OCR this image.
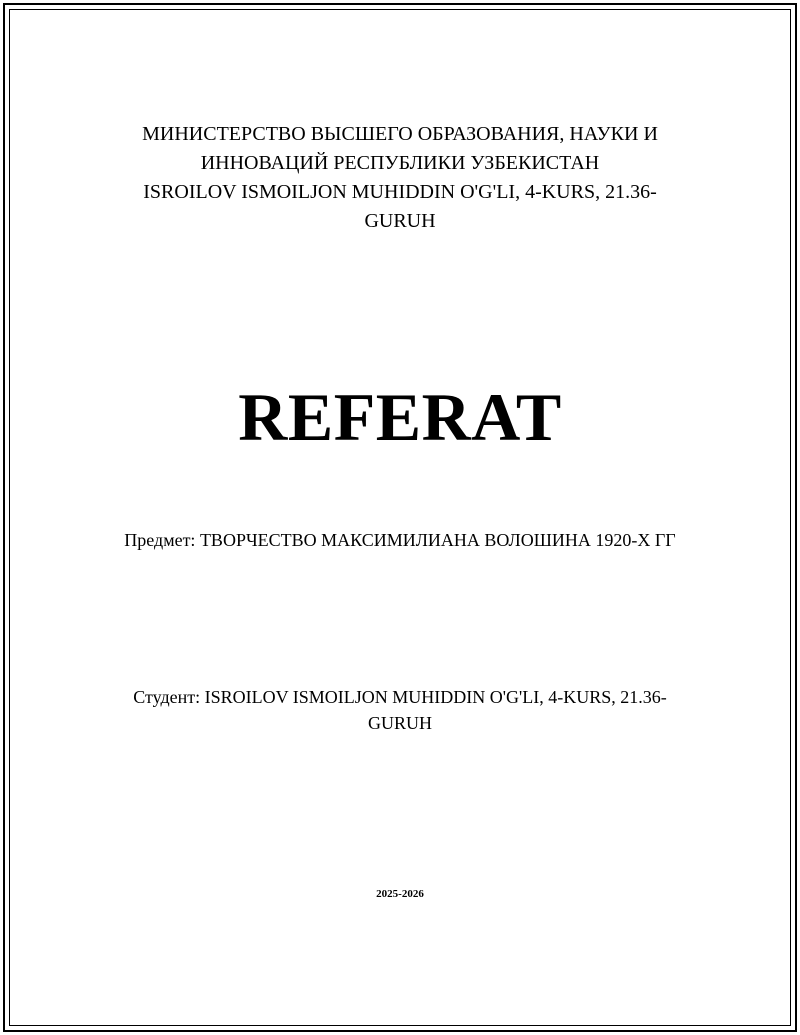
МИНИСТЕРСТВО ВЫСШЕГО ОБРАЗОВАНИЯ, НАУКИ И
ИННОВАЦИЙ РЕСПУБЛИКИ УЗБЕКИСТАН
ISROILOV ISMOILJON MUHIDDIN O'G'LI, 4-KURS, 21.36-
GURUH
REFERAT
Предмет: ТВОРЧЕСТВО МАКСИМИЛИАНА ВОЛОШИНА 1920-Х ГГ
Студент: ISROILOV ISMOILJON MUHIDDIN O'G'LI, 4-KURS, 21.36-
GURUH
2025-2026
